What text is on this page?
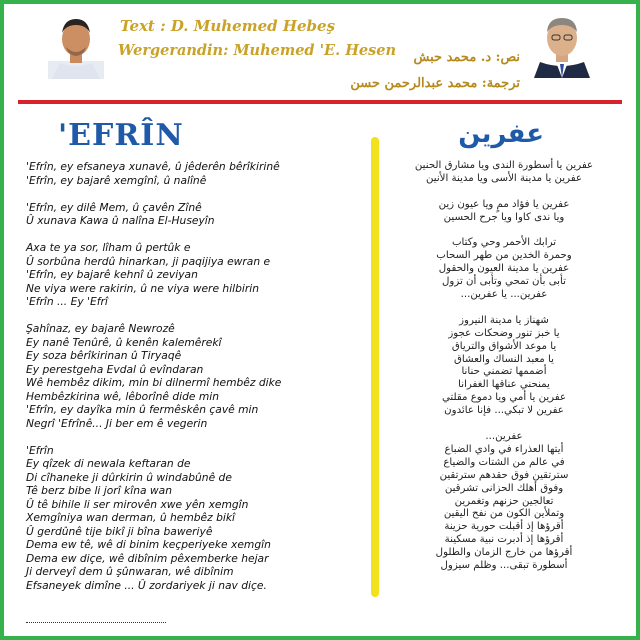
Text : D. Muhemed Hebeş
Wergerandin: Muhemed 'E. Hesen	نص: د. محمد حبش
ترجمة: محمد عبدالرحمن حسن
'EFRÎN	عفرين
'Efrîn, ey efsaneya xunavê, û jêderên bêrîkirinê
'Efrîn, ey bajarê xemgînî, û nalînê
'Efrîn, ey dilê Mem, û çavên Zînê
Û xunava Kawa û nalîna El-Huseyîn
Axa te ya sor, lîham û pertûk e
Û sorbûna herdû hinarkan, ji paqijiya ewran e
'Efrîn, ey bajarê kehnî û zeviyan
Ne viya were rakirin, û ne viya were hilbirin
'Efrîn ... Ey 'Efrî
Şahînaz, ey bajarê Newrozê
Ey nanê Tenûrê, û kenên kalemêrekî
Ey soza bêrîkirinan û Tiryaqê
Ey perestgeha Evdal û evîndaran
Wê hembêz dikim, min bi dilnermî hembêz dike
Hembêzkirina wê, lêborînê dide min
'Efrîn, ey dayîka min û fermêskên çavê min
Negrî 'Efrînê... Ji ber em ê vegerin
'Efrîn
Ey qîzek di newala keftaran de
Di cîhaneke ji dûrkirin û windabûnê de
Tê berz bibe li jorî kîna wan
Û tê bihile li ser mirovên xwe yên xemgîn
Xemgîniya wan derman, û hembêz bikî
Û gerdûnê tije bikî ji bîna baweriyê
Dema ew tê, wê di binim keçperiyeke xemgîn
Dema ew diçe, wê dibînim pêxemberke hejar
Ji derveyî dem û şûnwaran, wê dibînim
Efsaneyek dimîne ... Û zordariyek ji nav diçe.
عفرين يا أسطورة الندى ويا مشارق الحنين
عفرين يا مدينة الأسى ويا مدينة الأنين
عفرين يا فؤاد ممٍ ويا عيون زين
ويا ندى كاوا ويا جرح الحسين
ترابك الأحمر وحي وكتاب
وحمرة الخدين من طهر السحاب
عفرين يا مدينة العيون والحقول
تأبى بأن تمحي وتأبى أن تزول
عفرين... يا عفرين...
شهناز يا مدينة النيروز
يا خبز تنور وضحكات عجوز
يا موعد الأشواق والترياق
يا معبد النساك والعشاق
أضممها تضمني حنانا
يمنحني عناقها الغفرانا
عفرين يا أمي ويا دموع مقلتي
عفرين لا تبكي... فإنا عائدون
عفرين...
أيتها العذراء في وادي الضباع
في عالم من الشتات والضياع
سترتقين فوق حقدهم سترتقين
وفوق أهلك الحزانى تشرقين
تعالجين حزنهم وتغمرين
وتملأين الكون من نفح اليقين
أقرؤها إذ أقبلت حورية حزينة
أقرؤها إذ أدبرت نبية مسكينة
أقرؤها من خارج الزمان والطلول
أسطورة تبقى... وظلم سيزول
